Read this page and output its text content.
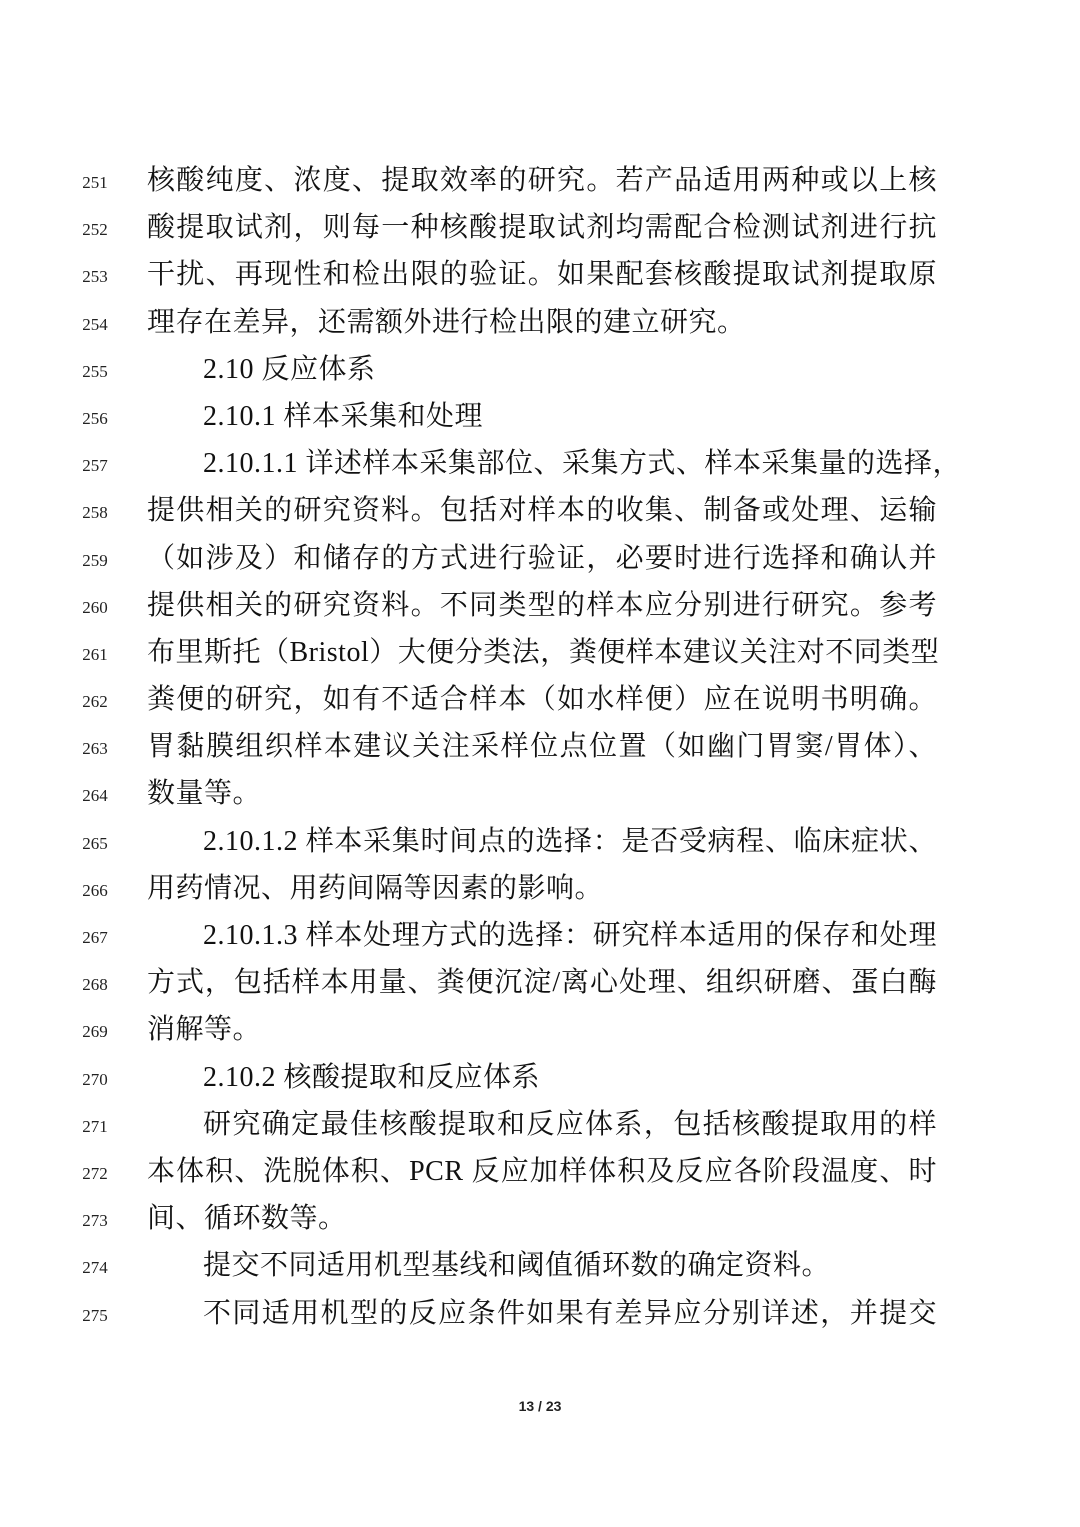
251	核酸纯度、浓度、提取效率的研究。若产品适用两种或以上核
252	酸提取试剂，则每一种核酸提取试剂均需配合检测试剂进行抗
253	干扰、再现性和检出限的验证。如果配套核酸提取试剂提取原
254	理存在差异，还需额外进行检出限的建立研究。
255	2.10 反应体系
256	2.10.1 样本采集和处理
257	2.10.1.1 详述样本采集部位、采集方式、样本采集量的选择，
258	提供相关的研究资料。包括对样本的收集、制备或处理、运输
259	（如涉及）和储存的方式进行验证，必要时进行选择和确认并
260	提供相关的研究资料。不同类型的样本应分别进行研究。参考
261	布里斯托（Bristol）大便分类法，粪便样本建议关注对不同类型
262	粪便的研究，如有不适合样本（如水样便）应在说明书明确。
263	胃黏膜组织样本建议关注采样位点位置（如幽门胃窦/胃体）、
264	数量等。
265	2.10.1.2 样本采集时间点的选择：是否受病程、临床症状、
266	用药情况、用药间隔等因素的影响。
267	2.10.1.3 样本处理方式的选择：研究样本适用的保存和处理
268	方式，包括样本用量、粪便沉淀/离心处理、组织研磨、蛋白酶
269	消解等。
270	2.10.2 核酸提取和反应体系
271	研究确定最佳核酸提取和反应体系，包括核酸提取用的样
272	本体积、洗脱体积、PCR 反应加样体积及反应各阶段温度、时
273	间、循环数等。
274	提交不同适用机型基线和阈值循环数的确定资料。
275	不同适用机型的反应条件如果有差异应分别详述，并提交
13 / 23
